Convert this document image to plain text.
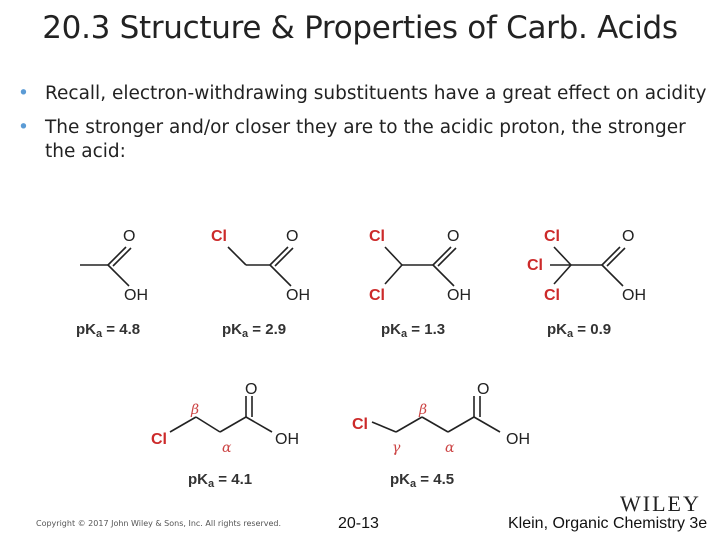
20.3 Structure & Properties of Carb. Acids
• Recall, electron-withdrawing substituents have a great effect on acidity
• The stronger and/or closer they are to the acidic proton, the stronger the acid:
O
OH
Cl	O
OH
Cl
Cl
O
OH
Cl
Cl
Cl
O
OH
Cl
O
OH
Cl
O
OH
β
α
β
γ	α
$pK_a = 4.8$	$pK_a = 2.9$	$pK_a = 1.3$	$pK_a = 0.9$
$pK_a = 4.1$	$pK_a = 4.5$
Copyright © 2017 John Wiley & Sons, Inc. All rights reserved.	20-13
WILEY
Klein, Organic Chemistry 3e
